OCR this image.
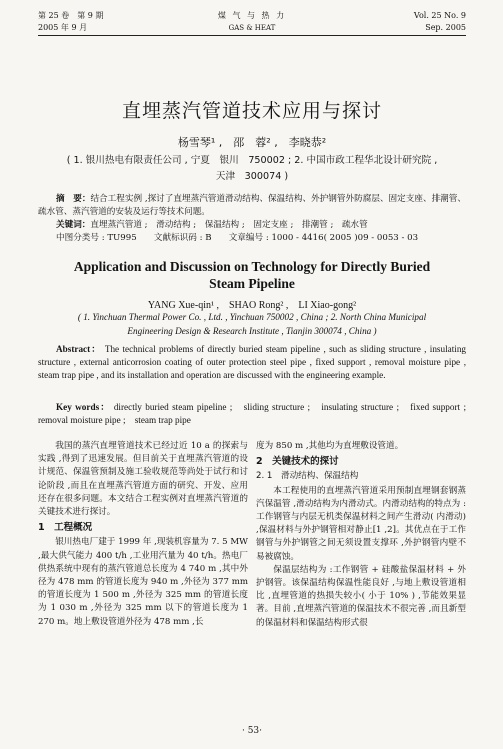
第 25 卷　第 9 期
2005 年 9 月
煤 气 与 热 力
GAS & HEAT
Vol. 25 No. 9
Sep. 2005
直埋蒸汽管道技术应用与探讨
杨雪琴¹ ,　邵　蓉² ,　李晓恭²
( 1. 银川热电有限责任公司 , 宁夏　银川　750002 ; 2. 中国市政工程华北设计研究院 ,
天津　300074 )
摘　要：结合工程实例 ,探讨了直埋蒸汽管道滑动结构、保温结构、外护钢管外防腐层、固定支座、排潮管、疏水管、蒸汽管道的安装及运行等技术问题。
关键词：直埋蒸汽管道 ;　滑动结构 ;　保温结构 ;　固定支座 ;　排潮管 ;　疏水管
中图分类号 : TU995　　文献标识码 : B　　文章编号 : 1000 - 4416( 2005 )09 - 0053 - 03
Application and Discussion on Technology for Directly Buried
Steam Pipeline
YANG Xue-qin¹ ,　SHAO Rong² ,　LI Xiao-gong²
( 1. Yinchuan Thermal Power Co. , Ltd. , Yinchuan 750002 , China ; 2. North China Municipal
Engineering Design & Research Institute , Tianjin 300074 , China )
Abstract： The technical problems of directly buried steam pipeline , such as sliding structure , insulating structure , external anticorrosion coating of outer protection steel pipe , fixed support , removal moisture pipe , steam trap pipe , and its installation and operation are discussed with the engineering example.
Key words： directly buried steam pipeline ;　sliding structure ;　insulating structure ;　fixed support ;　removal moisture pipe ;　steam trap pipe

我国的蒸汽直埋管道技术已经过近 10 a 的探索与实践 ,得到了迅速发展。但目前关于直埋蒸汽管道的设计规范、保温管预制及施工验收规范等尚处于试行和讨论阶段 ,而且在直埋蒸汽管道方面的研究、开发、应用还存在很多问题。本文结合工程实例对直埋蒸汽管道的关键技术进行探讨。

1　工程概况

银川热电厂建于 1999 年 ,现装机容量为 7. 5 MW ,最大供气能力 400 t/h ,工业用汽量为 40 t/h。热电厂供热系统中现有的蒸汽管道总长度为 4 740 m ,其中外径为 478 mm 的管道长度为 940 m ,外径为 377 mm 的管道长度为 1 500 m ,外径为 325 mm 的管道长度为 1 030 m ,外径为 325 mm 以下的管道长度为 1 270 m。地上敷设管道外径为 478 mm ,长

度为 850 m ,其他均为直埋敷设管道。

2　关键技术的探讨
2. 1　滑动结构、保温结构

本工程使用的直埋蒸汽管道采用预制直埋钢套钢蒸汽保温管 ,滑动结构为内滑动式。内滑动结构的特点为 :工作钢管与内层无机类保温材料之间产生滑动( 内滑动) ,保温材料与外护钢管相对静止[1 ,2]。其优点在于工作钢管与外护钢管之间无须设置支撑环 ,外护钢管内壁不易被腐蚀。

保温层结构为 :工作钢管 + 硅酸盐保温材料 + 外护钢管。该保温结构保温性能良好 ,与地上敷设管道相比 ,直埋管道的热损失较小( 小于 10% ) ,节能效果显著。目前 ,直埋蒸汽管道的保温技术不很完善 ,而且新型的保温材料和保温结构形式很

· 53·
